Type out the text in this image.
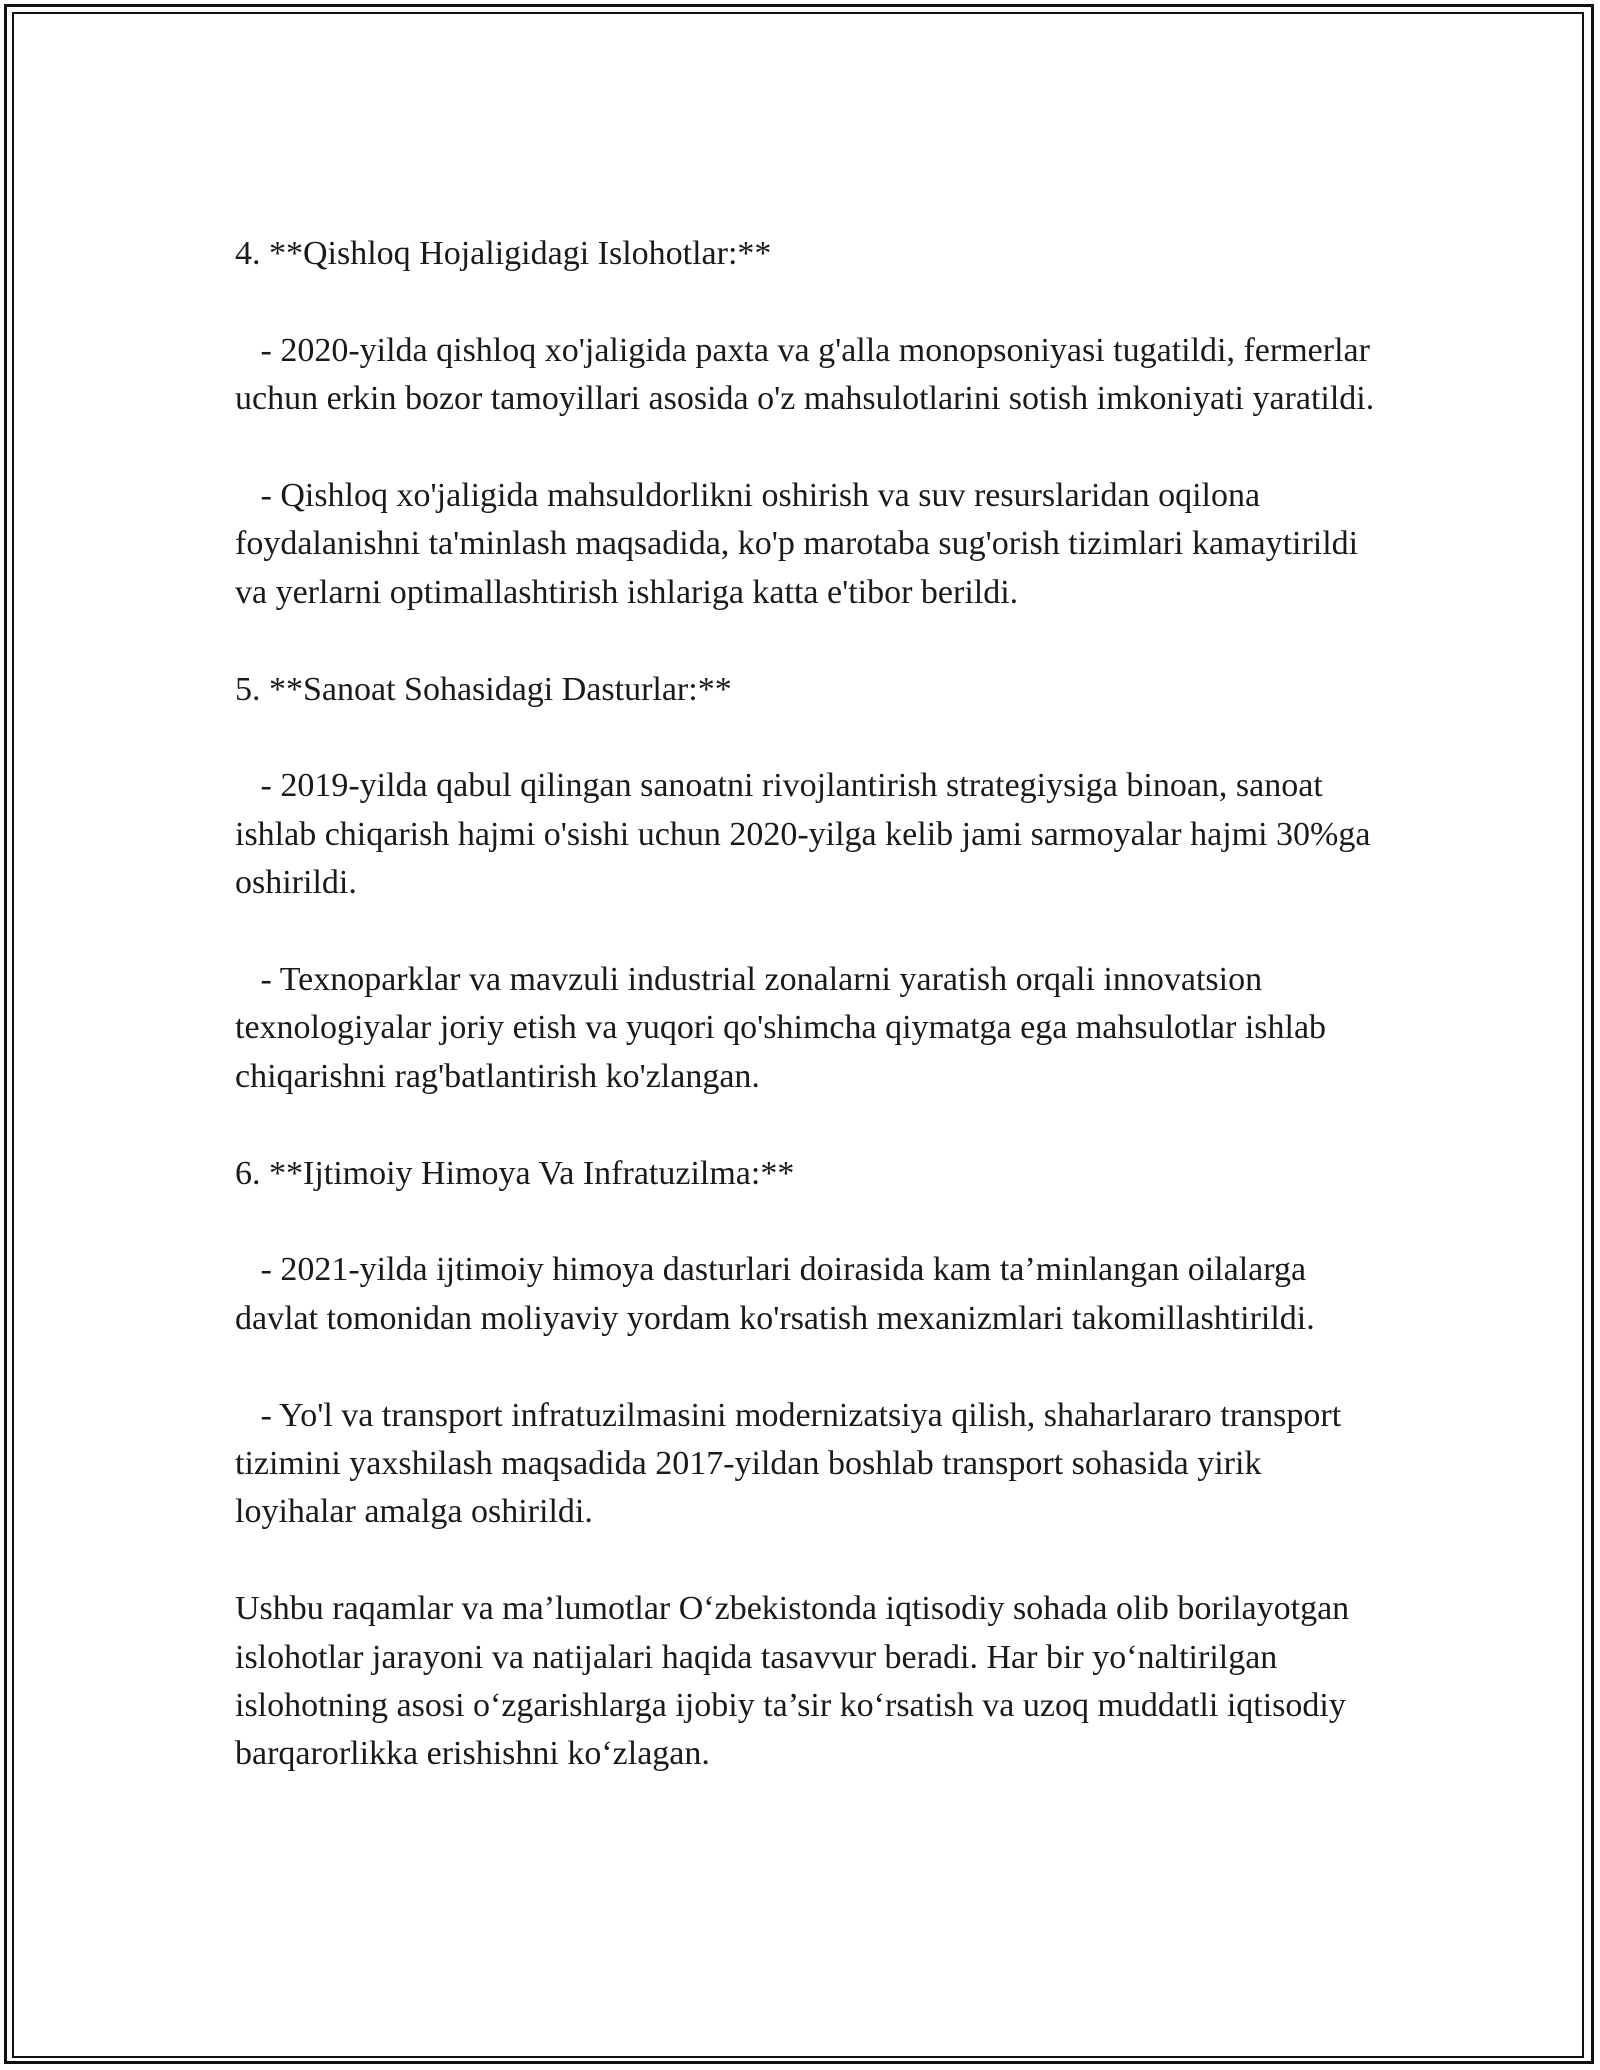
4. **Qishloq Hojaligidagi Islohotlar:**

- 2020-yilda qishloq xo'jaligida paxta va g'alla monopsoniyasi tugatildi, fermerlar uchun erkin bozor tamoyillari asosida o'z mahsulotlarini sotish imkoniyati yaratildi.

- Qishloq xo'jaligida mahsuldorlikni oshirish va suv resurslaridan oqilona foydalanishni ta'minlash maqsadida, ko'p marotaba sug'orish tizimlari kamaytirildi va yerlarni optimallashtirish ishlariga katta e'tibor berildi.

5. **Sanoat Sohasidagi Dasturlar:**

- 2019-yilda qabul qilingan sanoatni rivojlantirish strategiysiga binoan, sanoat ishlab chiqarish hajmi o'sishi uchun 2020-yilga kelib jami sarmoyalar hajmi 30%ga oshirildi.

- Texnoparklar va mavzuli industrial zonalarni yaratish orqali innovatsion texnologiyalar joriy etish va yuqori qo'shimcha qiymatga ega mahsulotlar ishlab chiqarishni rag'batlantirish ko'zlangan.

6. **Ijtimoiy Himoya Va Infratuzilma:**

- 2021-yilda ijtimoiy himoya dasturlari doirasida kam ta’minlangan oilalarga davlat tomonidan moliyaviy yordam ko'rsatish mexanizmlari takomillashtirildi.

- Yo'l va transport infratuzilmasini modernizatsiya qilish, shaharlararo transport tizimini yaxshilash maqsadida 2017-yildan boshlab transport sohasida yirik loyihalar amalga oshirildi.

Ushbu raqamlar va ma’lumotlar O‘zbekistonda iqtisodiy sohada olib borilayotgan islohotlar jarayoni va natijalari haqida tasavvur beradi. Har bir yo‘naltirilgan islohotning asosi o‘zgarishlarga ijobiy ta’sir ko‘rsatish va uzoq muddatli iqtisodiy barqarorlikka erishishni ko‘zlagan.
